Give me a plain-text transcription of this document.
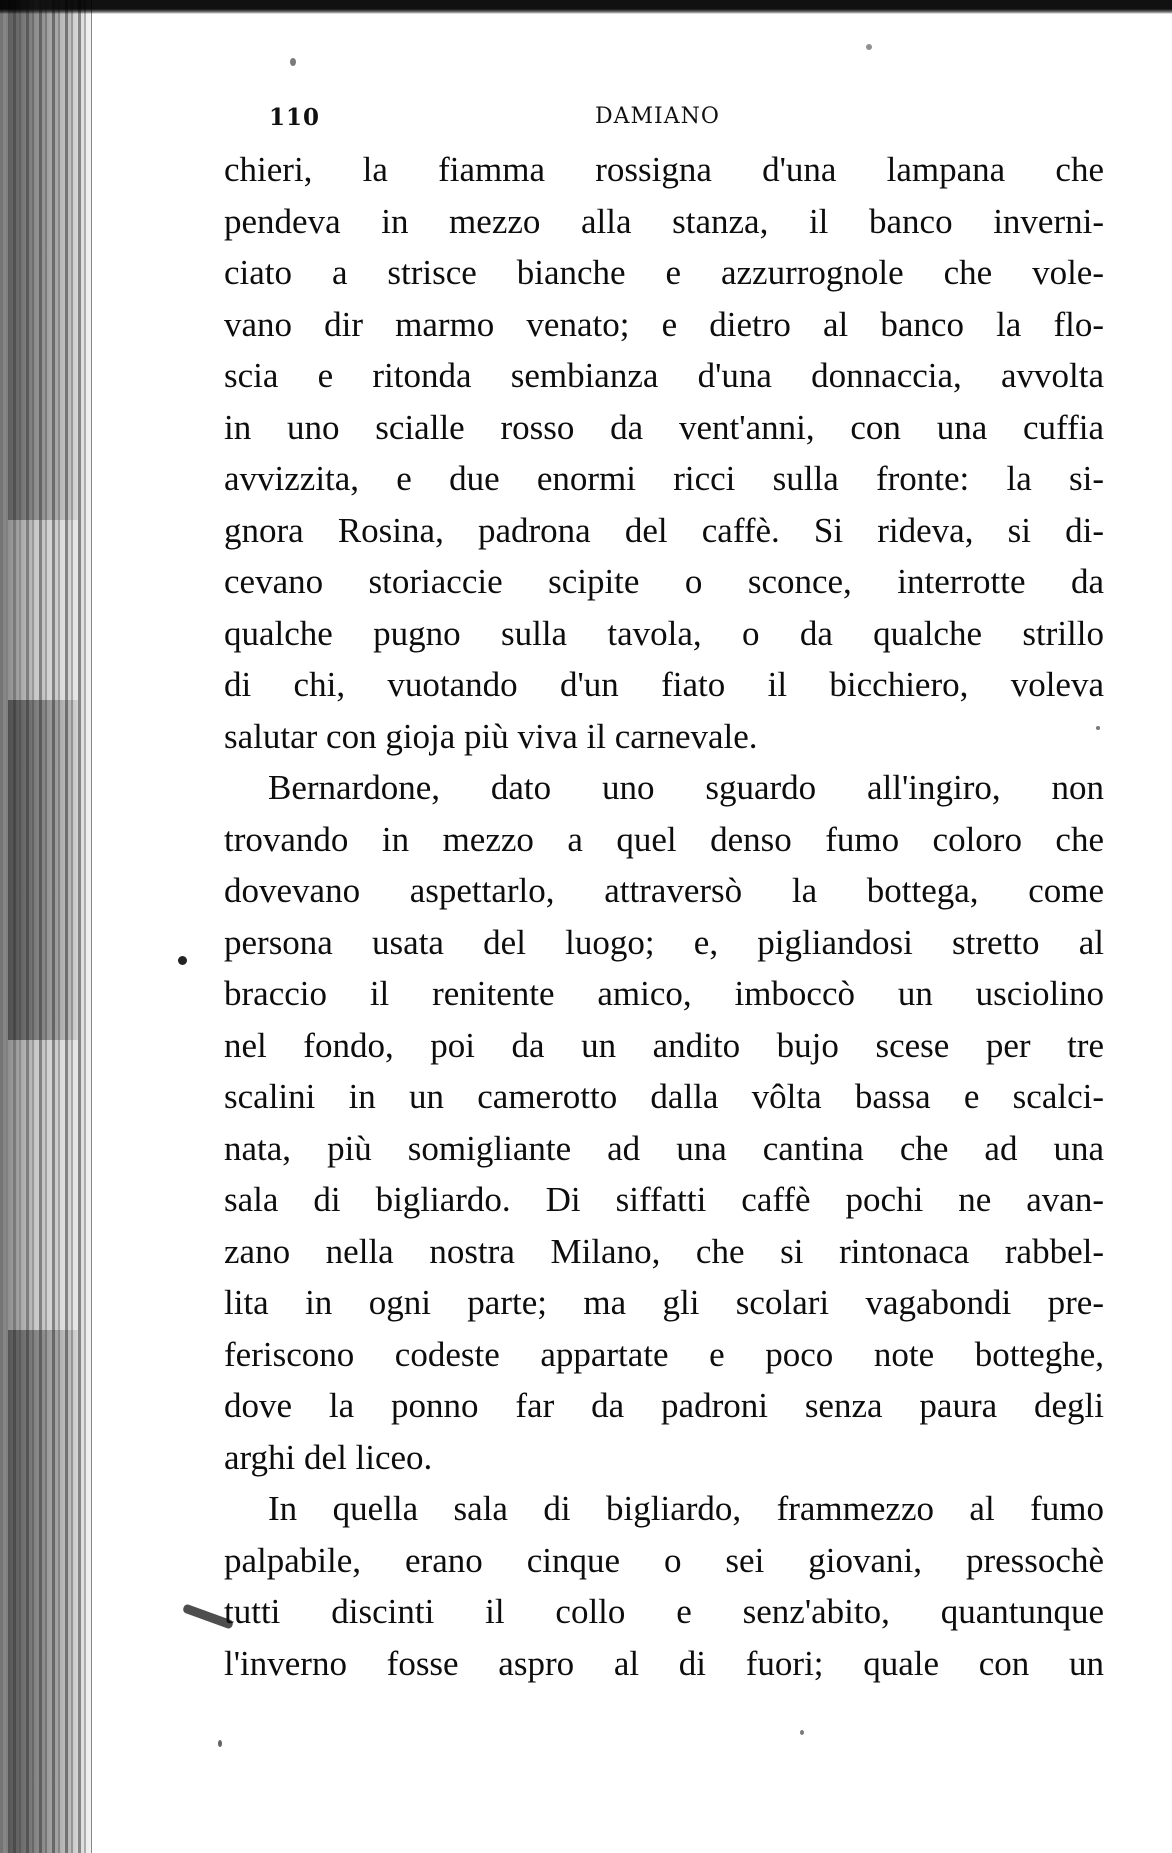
110	DAMIANO
chieri, la fiamma rossigna d'una lampana che
pendeva in mezzo alla stanza, il banco inverni-
ciato a strisce bianche e azzurrognole che vole-
vano dir marmo venato; e dietro al banco la flo-
scia e ritonda sembianza d'una donnaccia, avvolta
in uno scialle rosso da vent'anni, con una cuffia
avvizzita, e due enormi ricci sulla fronte: la si-
gnora Rosina, padrona del caffè. Si rideva, si di-
cevano storiaccie scipite o sconce, interrotte da
qualche pugno sulla tavola, o da qualche strillo
di chi, vuotando d'un fiato il bicchiero, voleva
salutar con gioja più viva il carnevale.
Bernardone, dato uno sguardo all'ingiro, non
trovando in mezzo a quel denso fumo coloro che
dovevano aspettarlo, attraversò la bottega, come
persona usata del luogo; e, pigliandosi stretto al
braccio il renitente amico, imboccò un usciolino
nel fondo, poi da un andito bujo scese per tre
scalini in un camerotto dalla vôlta bassa e scalci-
nata, più somigliante ad una cantina che ad una
sala di bigliardo. Di siffatti caffè pochi ne avan-
zano nella nostra Milano, che si rintonaca rabbel-
lita in ogni parte; ma gli scolari vagabondi pre-
feriscono codeste appartate e poco note botteghe,
dove la ponno far da padroni senza paura degli
arghi del liceo.
In quella sala di bigliardo, frammezzo al fumo
palpabile, erano cinque o sei giovani, pressochè
tutti discinti il collo e senz'abito, quantunque
l'inverno fosse aspro al di fuori; quale con un
